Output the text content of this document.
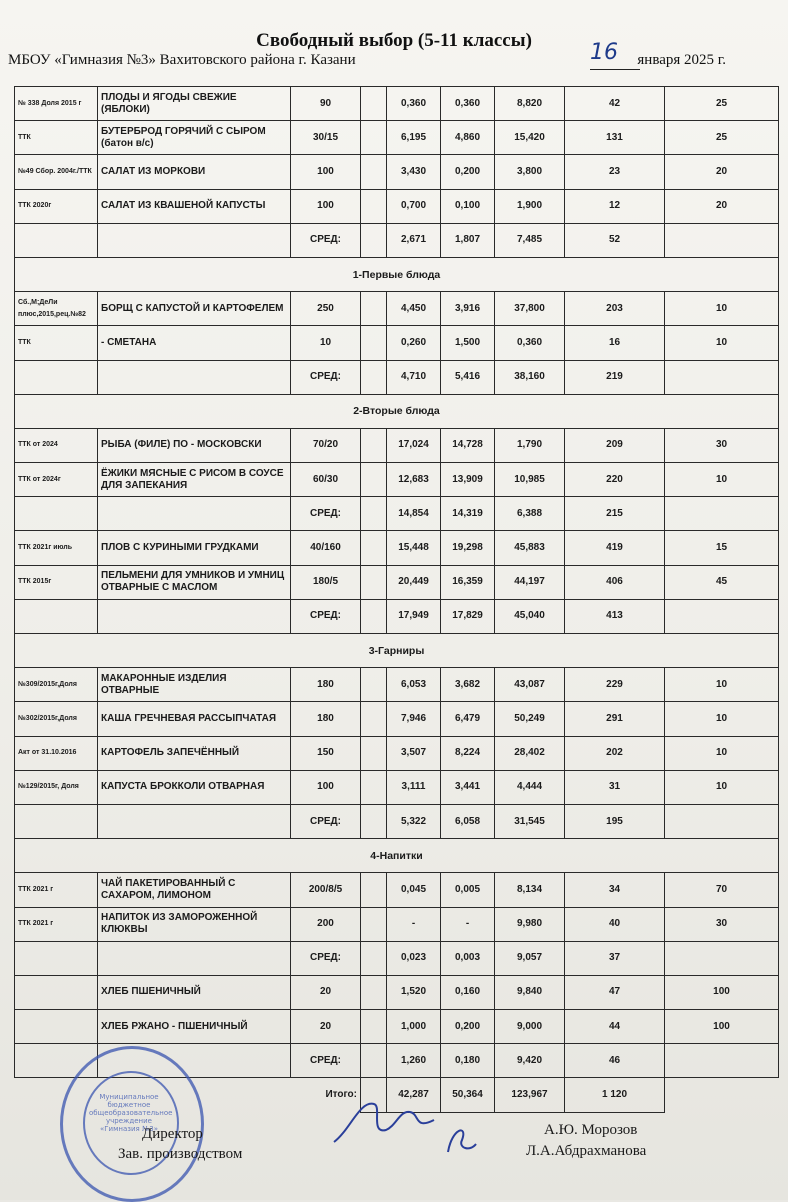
Свободный выбор (5-11 классы)
МБОУ «Гимназия №3» Вахитовского района г. Казани	16 января 2025 г.
№ 338 Доля 2015 г	ПЛОДЫ И ЯГОДЫ СВЕЖИЕ (ЯБЛОКИ)	90		0,360	0,360	8,820	42	25
ТТК	БУТЕРБРОД ГОРЯЧИЙ С СЫРОМ (батон в/с)	30/15		6,195	4,860	15,420	131	25
№49 Сбор. 2004г./ТТК	САЛАТ ИЗ МОРКОВИ	100		3,430	0,200	3,800	23	20
ТТК 2020г	САЛАТ ИЗ КВАШЕНОЙ КАПУСТЫ	100		0,700	0,100	1,900	12	20
		СРЕД:		2,671	1,807	7,485	52	
1-Первые блюда								
Сб.,М;ДеЛи плюс,2015,рец.№82	БОРЩ С КАПУСТОЙ И КАРТОФЕЛЕМ	250		4,450	3,916	37,800	203	10
ТТК	- СМЕТАНА	10		0,260	1,500	0,360	16	10
		СРЕД:		4,710	5,416	38,160	219	
2-Вторые блюда								
ТТК от 2024	РЫБА (ФИЛЕ) ПО - МОСКОВСКИ	70/20		17,024	14,728	1,790	209	30
ТТК от 2024г	ЁЖИКИ МЯСНЫЕ С РИСОМ В СОУСЕ ДЛЯ ЗАПЕКАНИЯ	60/30		12,683	13,909	10,985	220	10
		СРЕД:		14,854	14,319	6,388	215	
ТТК 2021г июль	ПЛОВ С КУРИНЫМИ ГРУДКАМИ	40/160		15,448	19,298	45,883	419	15
ТТК 2015г	ПЕЛЬМЕНИ ДЛЯ УМНИКОВ И УМНИЦ ОТВАРНЫЕ С МАСЛОМ	180/5		20,449	16,359	44,197	406	45
		СРЕД:		17,949	17,829	45,040	413	
3-Гарниры								
№309/2015г,Доля	МАКАРОННЫЕ ИЗДЕЛИЯ ОТВАРНЫЕ	180		6,053	3,682	43,087	229	10
№302/2015г,Доля	КАША ГРЕЧНЕВАЯ РАССЫПЧАТАЯ	180		7,946	6,479	50,249	291	10
Акт от 31.10.2016	КАРТОФЕЛЬ ЗАПЕЧЁННЫЙ	150		3,507	8,224	28,402	202	10
№129/2015г, Доля	КАПУСТА БРОККОЛИ ОТВАРНАЯ	100		3,111	3,441	4,444	31	10
		СРЕД:		5,322	6,058	31,545	195	
4-Напитки								
ТТК 2021 г	ЧАЙ ПАКЕТИРОВАННЫЙ С САХАРОМ, ЛИМОНОМ	200/8/5		0,045	0,005	8,134	34	70
ТТК 2021 г	НАПИТОК ИЗ ЗАМОРОЖЕННОЙ КЛЮКВЫ	200		-	-	9,980	40	30
		СРЕД:		0,023	0,003	9,057	37	
	ХЛЕБ ПШЕНИЧНЫЙ	20		1,520	0,160	9,840	47	100
	ХЛЕБ РЖАНО - ПШЕНИЧНЫЙ	20		1,000	0,200	9,000	44	100
		СРЕД:		1,260	0,180	9,420	46	
Итого:				42,287	50,364	123,967	1 120	
Муниципальное бюджетное общеобразовательное учреждение «Гимназия №3»
Директор
Зав. производством
А.Ю. Морозов
Л.А.Абдрахманова
